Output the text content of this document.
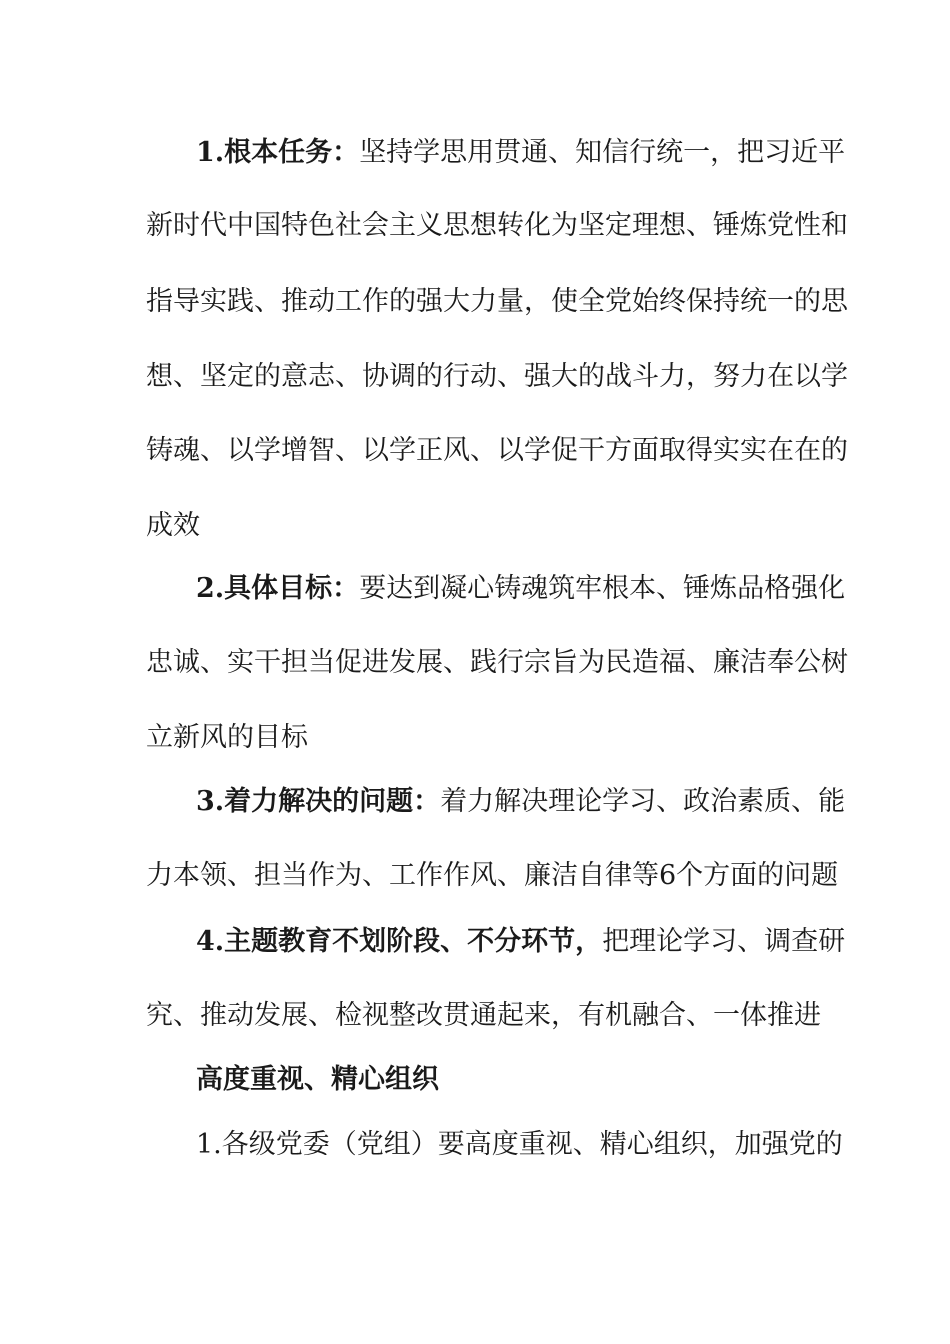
1.根本任务：坚持学思用贯通、知信行统一，把习近平
新时代中国特色社会主义思想转化为坚定理想、锤炼党性和
指导实践、推动工作的强大力量，使全党始终保持统一的思
想、坚定的意志、协调的行动、强大的战斗力，努力在以学
铸魂、以学增智、以学正风、以学促干方面取得实实在在的
成效
2.具体目标：要达到凝心铸魂筑牢根本、锤炼品格强化
忠诚、实干担当促进发展、践行宗旨为民造福、廉洁奉公树
立新风的目标
3.着力解决的问题：着力解决理论学习、政治素质、能
力本领、担当作为、工作作风、廉洁自律等6个方面的问题
4.主题教育不划阶段、不分环节，把理论学习、调查研
究、推动发展、检视整改贯通起来，有机融合、一体推进
高度重视、精心组织
1.各级党委（党组）要高度重视、精心组织，加强党的
